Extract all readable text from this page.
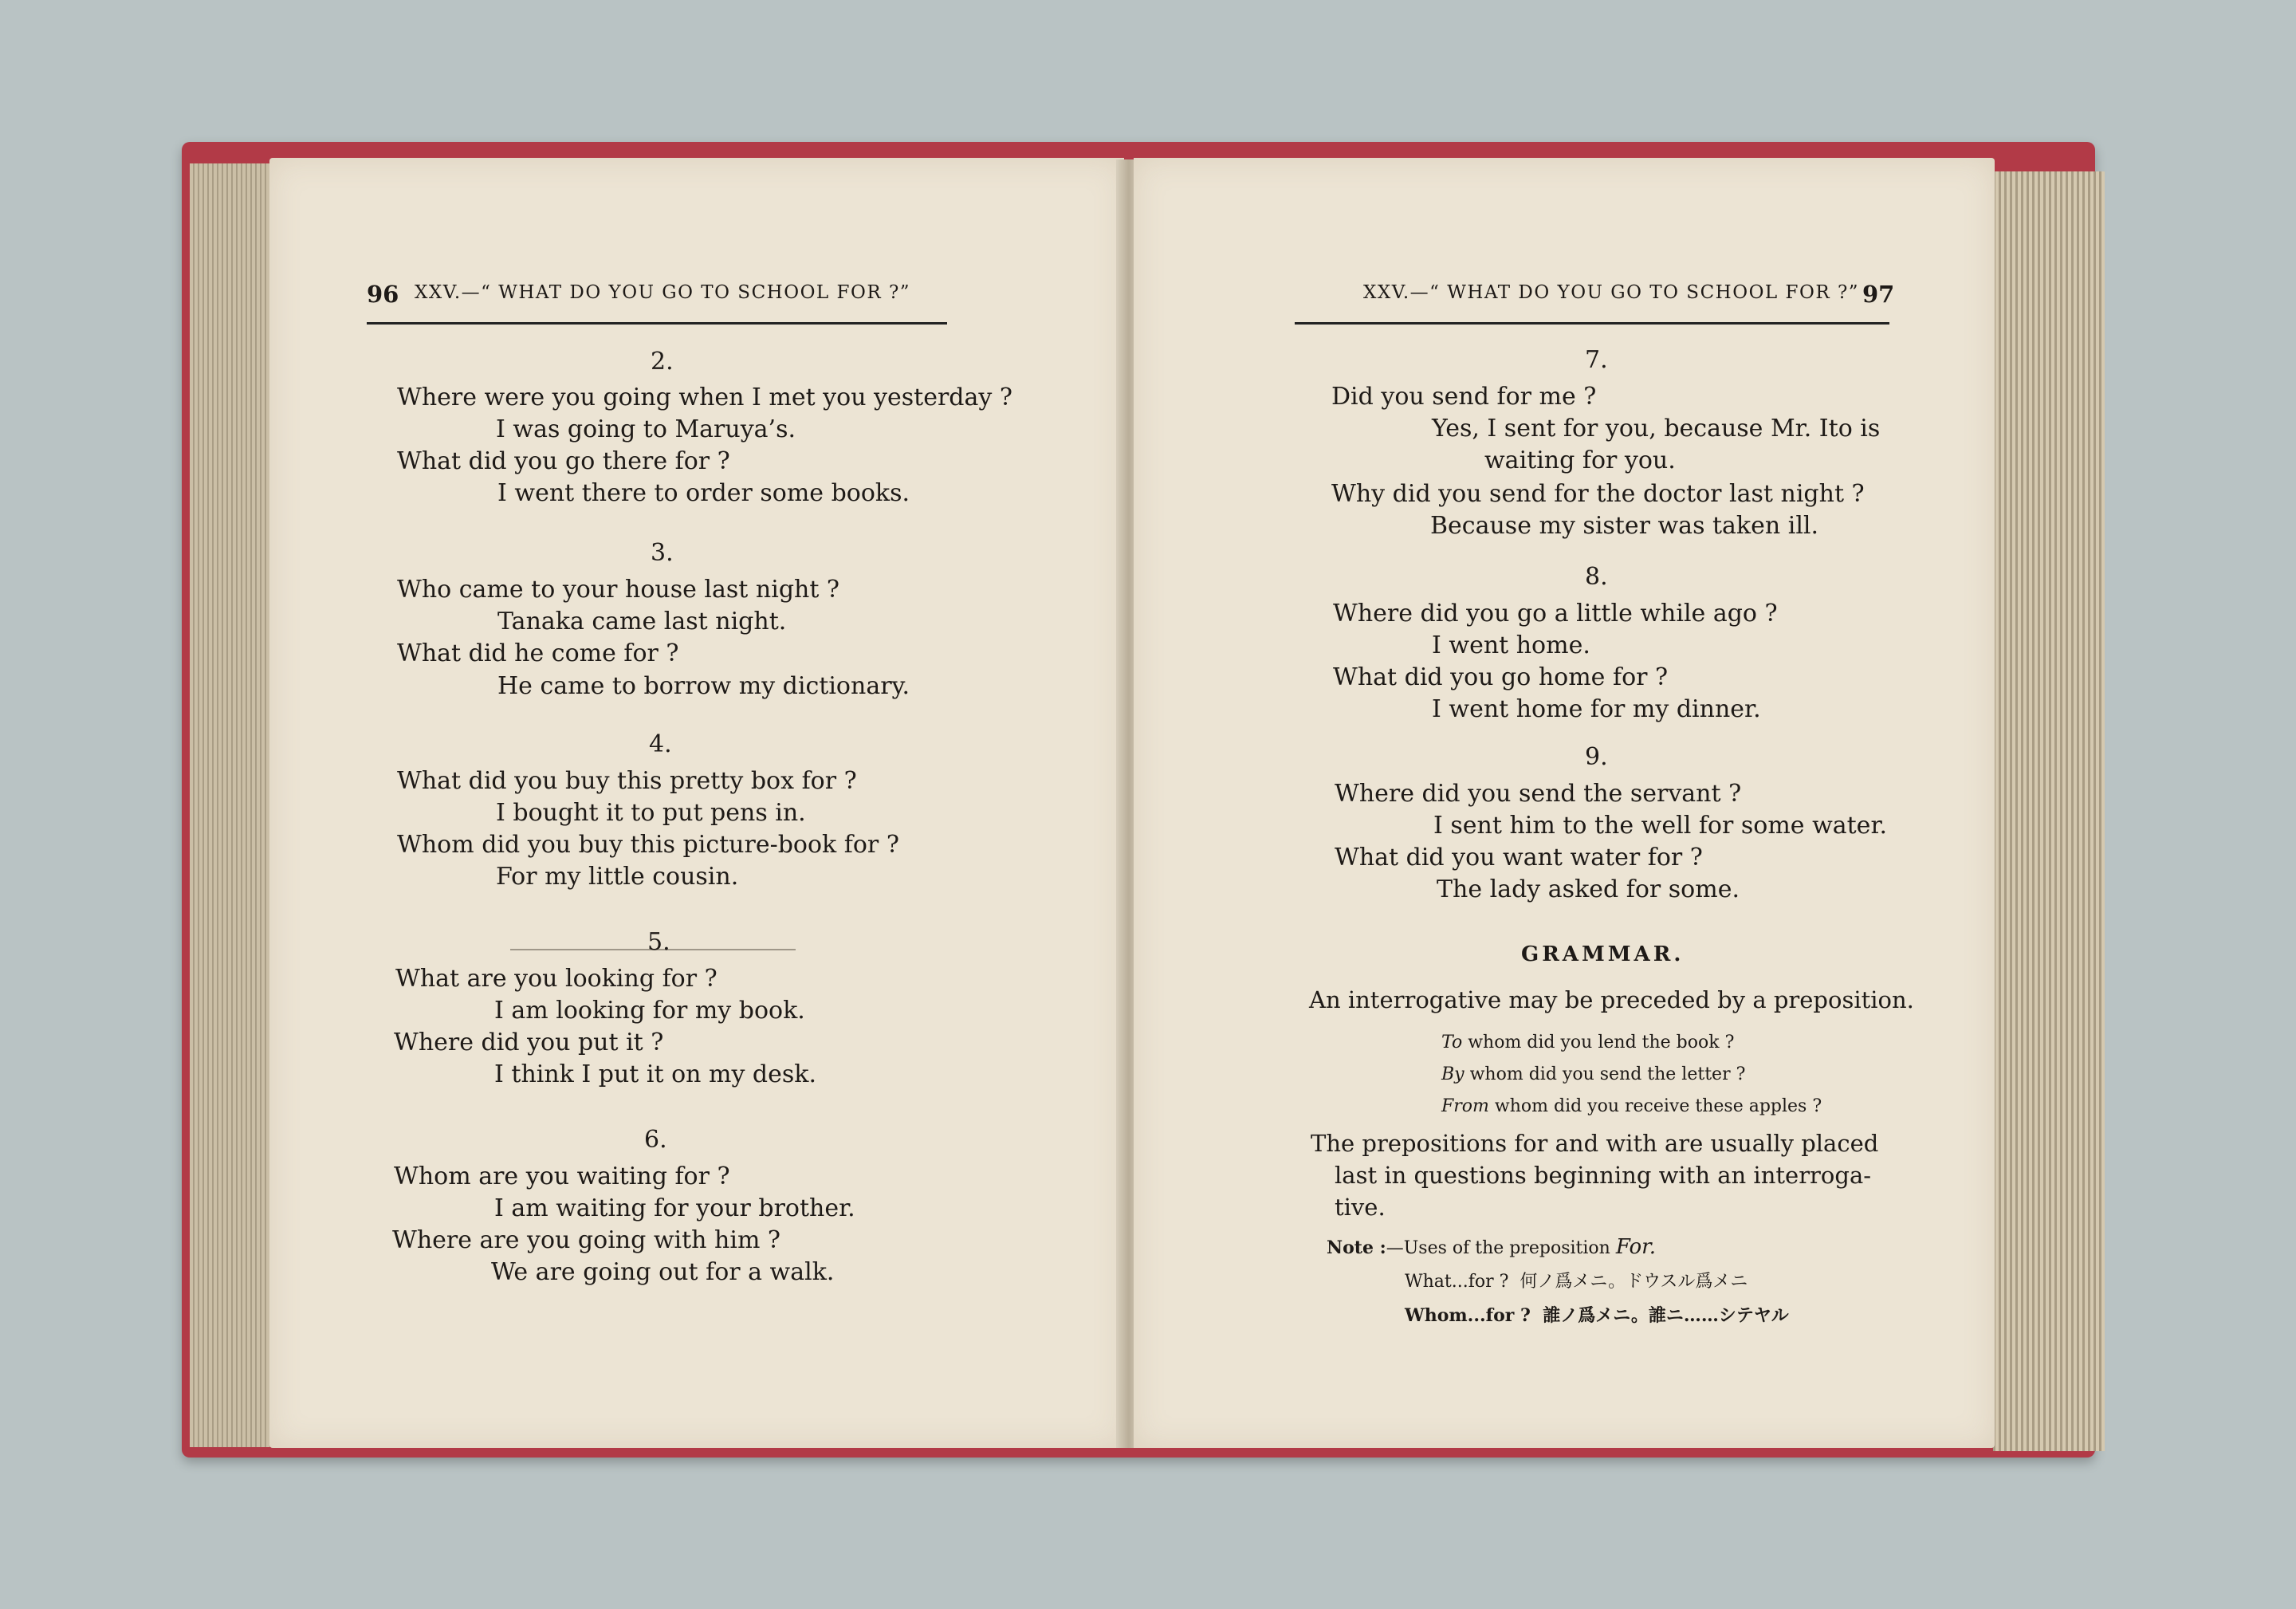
96 XXV.—“ WHAT DO YOU GO TO SCHOOL FOR ?”
2.
Where were you going when I met you yesterday ?
I was going to Maruya’s.
What did you go there for ?
I went there to order some books.
3.
Who came to your house last night ?
Tanaka came last night.
What did he come for ?
He came to borrow my dictionary.
4.
What did you buy this pretty box for ?
I bought it to put pens in.
Whom did you buy this picture-book for ?
For my little cousin.
5.
What are you looking for ?
I am looking for my book.
Where did you put it ?
I think I put it on my desk.
6.
Whom are you waiting for ?
I am waiting for your brother.
Where are you going with him ?
We are going out for a walk.
XXV.—“ WHAT DO YOU GO TO SCHOOL FOR ?” 97
7.
Did you send for me ?
Yes, I sent for you, because Mr. Ito is
waiting for you.
Why did you send for the doctor last night ?
Because my sister was taken ill.
8.
Where did you go a little while ago ?
I went home.
What did you go home for ?
I went home for my dinner.
9.
Where did you send the servant ?
I sent him to the well for some water.
What did you want water for ?
The lady asked for some.
GRAMMAR.
An interrogative may be preceded by a preposition.
To whom did you lend the book ?
By whom did you send the letter ?
From whom did you receive these apples ?
The prepositions for and with are usually placed
last in questions beginning with an interroga-
tive.
Note :—Uses of the preposition For.
What...for ? 何ノ爲メニ。ドウスル爲メニ
Whom...for ? 誰ノ爲メニ。誰ニ……シテヤル
